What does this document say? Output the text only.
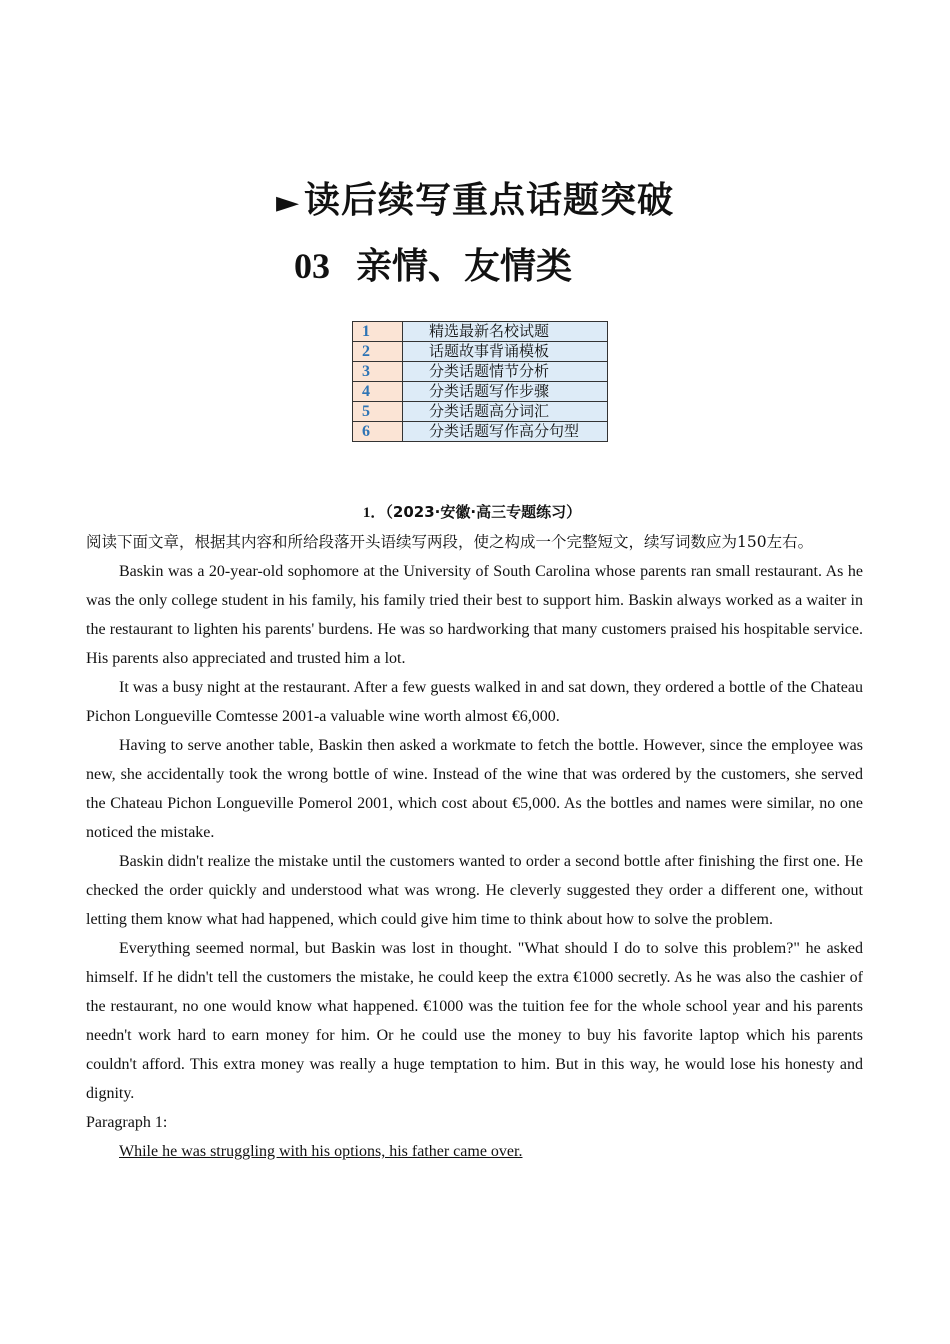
► 读后续写重点话题突破
03 亲情、友情类
1	精选最新名校试题
2	话题故事背诵模板
3	分类话题情节分析
4	分类话题写作步骤
5	分类话题高分词汇
6	分类话题写作高分句型
1．（2023·安徽·高三专题练习）

阅读下面文章，根据其内容和所给段落开头语续写两段，使之构成一个完整短文，续写词数应为150左右。

Baskin was a 20-year-old sophomore at the University of South Carolina whose parents ran small restaurant. As he was the only college student in his family, his family tried their best to support him. Baskin always worked as a waiter in the restaurant to lighten his parents' burdens. He was so hardworking that many customers praised his hospitable service. His parents also appreciated and trusted him a lot.

It was a busy night at the restaurant. After a few guests walked in and sat down, they ordered a bottle of the Chateau Pichon Longueville Comtesse 2001-a valuable wine worth almost €6,000.

Having to serve another table, Baskin then asked a workmate to fetch the bottle. However, since the employee was new, she accidentally took the wrong bottle of wine. Instead of the wine that was ordered by the customers, she served the Chateau Pichon Longueville Pomerol 2001, which cost about €5,000. As the bottles and names were similar, no one noticed the mistake.

Baskin didn't realize the mistake until the customers wanted to order a second bottle after finishing the first one. He checked the order quickly and understood what was wrong. He cleverly suggested they order a different one, without letting them know what had happened, which could give him time to think about how to solve the problem.

Everything seemed normal, but Baskin was lost in thought. "What should I do to solve this problem?" he asked himself. If he didn't tell the customers the mistake, he could keep the extra €1000 secretly. As he was also the cashier of the restaurant, no one would know what happened. €1000 was the tuition fee for the whole school year and his parents needn't work hard to earn money for him. Or he could use the money to buy his favorite laptop which his parents couldn't afford. This extra money was really a huge temptation to him. But in this way, he would lose his honesty and dignity.

Paragraph 1:

While he was struggling with his options, his father came over.
